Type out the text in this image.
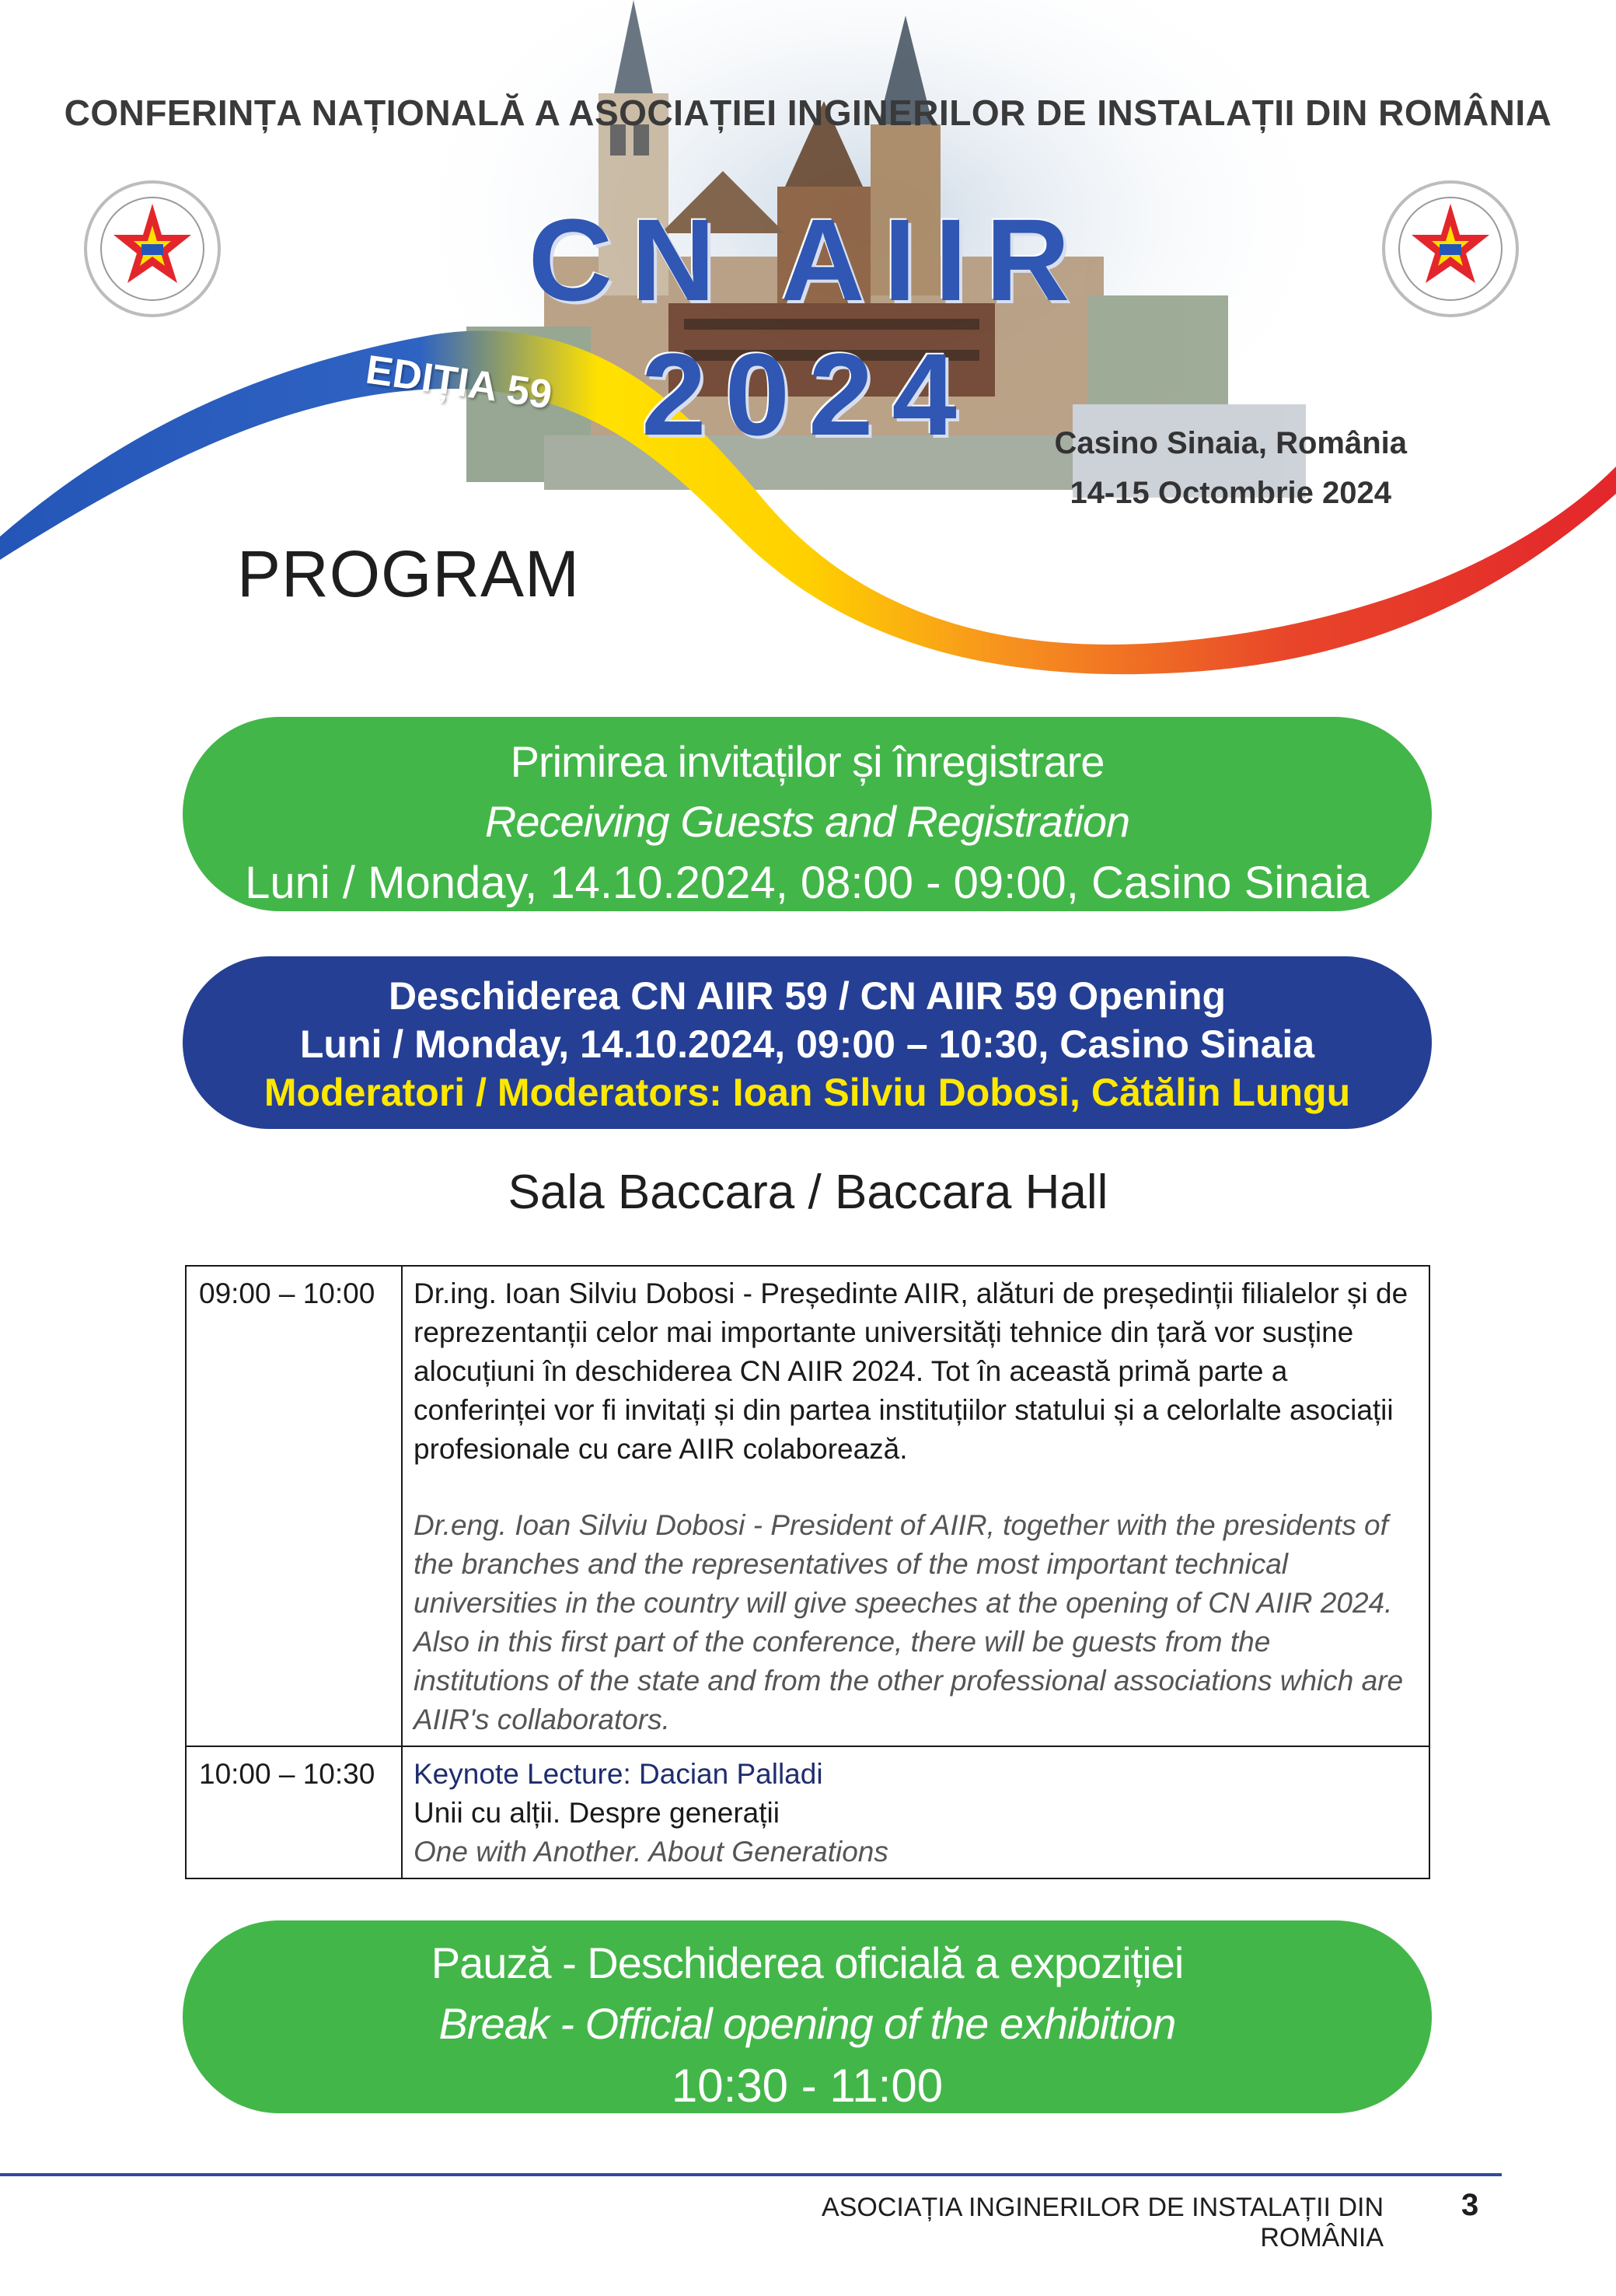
CONFERINȚA NAȚIONALĂ A ASOCIAȚIEI INGINERILOR DE INSTALAȚII DIN ROMÂNIA
CN AIIR 2024
EDIȚIA 59
Casino Sinaia, România
14-15 Octombrie 2024
PROGRAM
Primirea invitaților și înregistrare
Receiving Guests and Registration
Luni / Monday, 14.10.2024, 08:00 - 09:00, Casino Sinaia
Deschiderea CN AIIR 59 / CN AIIR 59 Opening
Luni / Monday, 14.10.2024, 09:00 – 10:30, Casino Sinaia
Moderatori / Moderators: Ioan Silviu Dobosi, Cătălin Lungu
Sala Baccara / Baccara Hall
09:00 – 10:00	Dr.ing. Ioan Silviu Dobosi - Președinte AIIR, alături de președinții filialelor și de reprezentanții celor mai importante universități tehnice din țară vor susține alocuțiuni în deschiderea CN AIIR 2024. Tot în această primă parte a conferinței vor fi invitați și din partea instituțiilor statului și a celorlalte asociații profesionale cu care AIIR colaborează.
Dr.eng. Ioan Silviu Dobosi - President of AIIR, together with the presidents of the branches and the representatives of the most important technical universities in the country will give speeches at the opening of CN AIIR 2024. Also in this first part of the conference, there will be guests from the institutions of the state and from the other professional associations which are AIIR's collaborators.

10:00 – 10:30	Keynote Lecture: Dacian Palladi
Unii cu alții. Despre generații
One with Another. About Generations
Pauză - Deschiderea oficială a expoziției
Break - Official opening of the exhibition
10:30 - 11:00
ASOCIAȚIA INGINERILOR DE INSTALAȚII DIN ROMÂNIA
3
